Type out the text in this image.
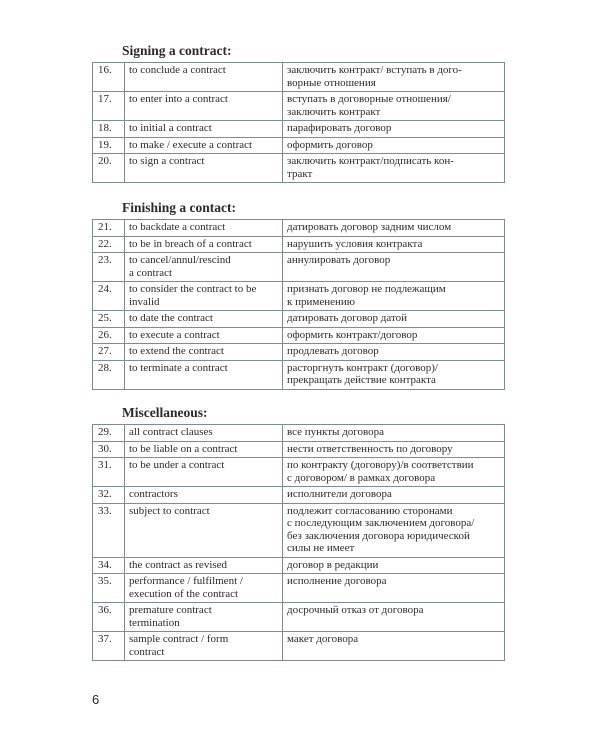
Signing a contract:
16.	to conclude a contract	заключить контракт/ вступать в дого-
ворные отношения
17.	to enter into a contract	вступать в договорные отношения/
заключить контракт
18.	to initial a contract	парафировать договор
19.	to make / execute a contract	оформить договор
20.	to sign a contract	заключить контракт/подписать кон-
тракт
Finishing a contact:
21.	to backdate a contract	датировать договор задним числом
22.	to be in breach of a contract	нарушить условия контракта
23.	to cancel/annul/rescind
a contract	аннулировать договор
24.	to consider the contract to be
invalid	признать договор не подлежащим
к применению
25.	to date the contract	датировать договор датой
26.	to execute a contract	оформить контракт/договор
27.	to extend the contract	продлевать договор
28.	to terminate a contract	расторгнуть контракт (договор)/
прекращать действие контракта
Miscellaneous:
29.	all contract clauses	все пункты договора
30.	to be liable on a contract	нести ответственность по договору
31.	to be under a contract	по контракту (договору)/в соответствии
с договором/ в рамках договора
32.	contractors	исполнители договора
33.	subject to contract	подлежит согласованию сторонами
с последующим заключением договора/
без заключения договора юридической
силы не имеет
34.	the contract as revised	договор в редакции
35.	performance / fulfilment /
execution of the contract	исполнение договора
36.	premature contract
termination	досрочный отказ от договора
37.	sample contract / form
contract	макет договора
6
